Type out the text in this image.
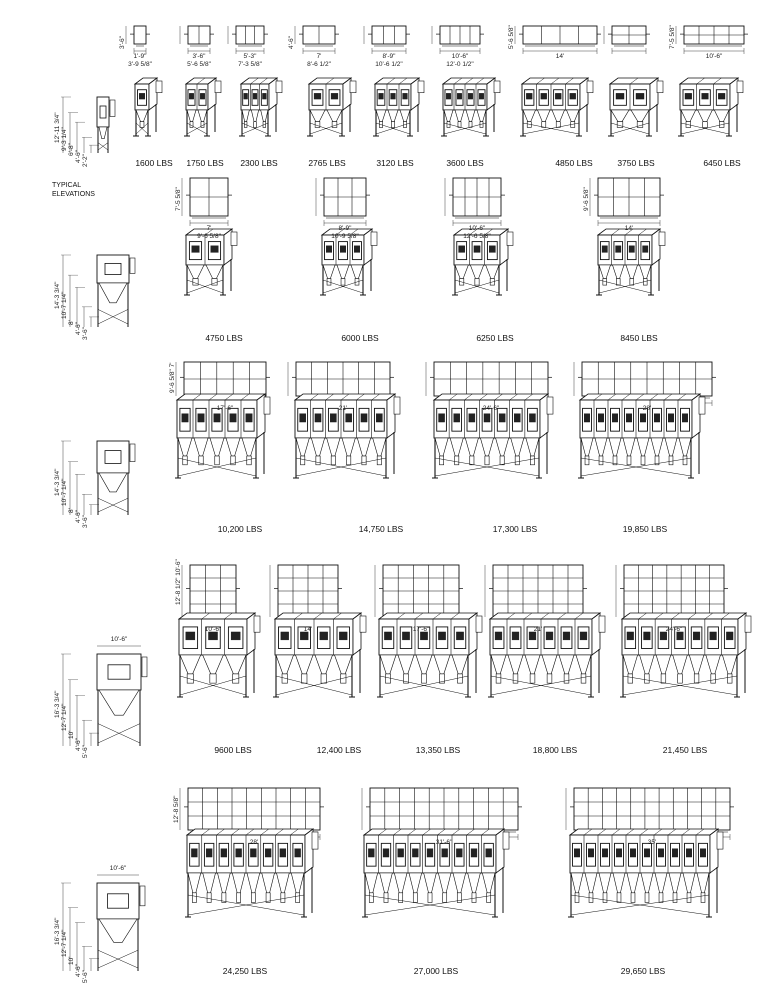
TYPICAL
ELEVATIONS
1'-9"
3'-9 5/8"
3'-6"
3'-6"
5'-6 5/8"
5'-3"
7'-3 5/8"
7'
8'-6 1/2"
4'-6"
8'-9"
10'-6 1/2"
10'-6"
12'-0 1/2"
14'
5'-6 5/8"
10'-6"
7'-5 5/8"
1600 LBS 1750 LBS 2300 LBS	2765 LBS	3120 LBS	3600 LBS	4850 LBS	3750 LBS	6450 LBS
12'-11 3/4" 9'-3 1/4" 6'-8"
4'-6" 2'-2"
7'
9'-6 5/8"
7'-5 5/8"
8'-9"
10'-9 5/8"
10'-6"
12'-6 5/8"
14'
9'-6 5/8"
4750 LBS	6000 LBS	6250 LBS	8450 LBS
14'-3 3/4" 10'-7 1/4"
8' 4'-6" 3'-6"
17'-6"
9'-6 5/8" 7'
21'	24'-6"	28'
10,200 LBS	14,750 LBS	17,300 LBS	19,850 LBS
14'-3 3/4" 10'-7 1/4"
8' 4'-6" 3'-6"
10'-6"
12'-8 1/2" 10'-6"
14'	17'-6"	21'	24'-6"
9600 LBS	12,400 LBS	13,350 LBS	18,800 LBS	21,450 LBS
16'-3 3/4" 12'-7 1/4"
10'
4'-6" 5'-6"
10'-6"
28'
12'-8 5/8"
31'-6"	35'
24,250 LBS	27,000 LBS	29,650 LBS
16'-3 3/4" 12'-7 1/4"
10'
4'-6" 5'-6"
10'-6"
